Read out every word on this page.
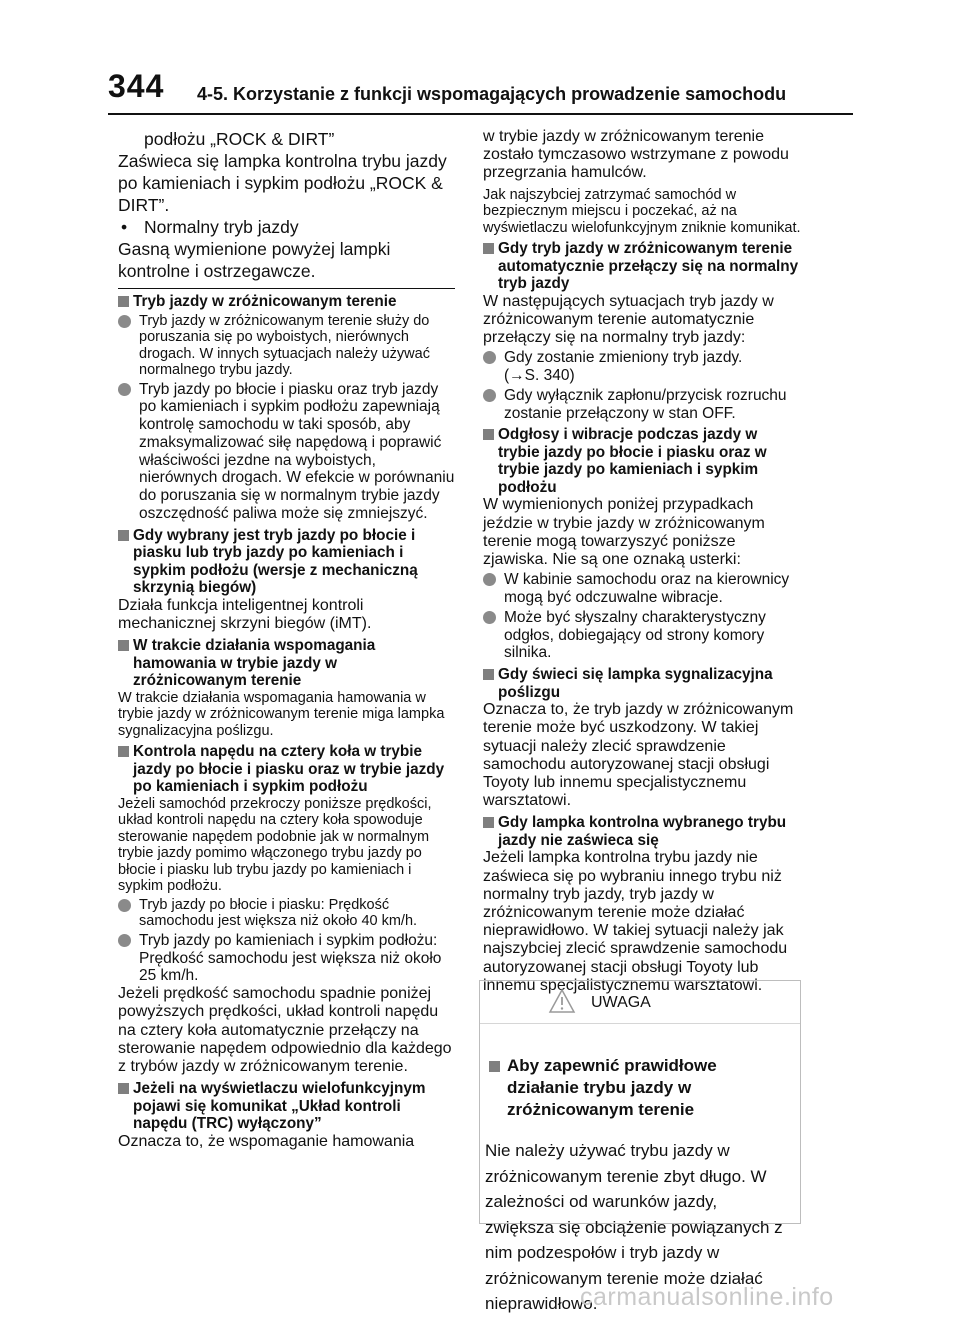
344 4-5. Korzystanie z funkcji wspomagających prowadzenie samochodu

podłożu „ROCK & DIRT”

Zaświeca się lampka kontrolna trybu jazdy po kamieniach i sypkim podłożu „ROCK & DIRT”.

• Normalny tryb jazdy

Gasną wymienione powyżej lampki kontrolne i ostrzegawcze.

Tryb jazdy w zróżnicowanym terenie

Tryb jazdy w zróżnicowanym terenie służy do poruszania się po wyboistych, nierównych drogach. W innych sytuacjach należy używać normalnego trybu jazdy.

Tryb jazdy po błocie i piasku oraz tryb jazdy po kamieniach i sypkim podłożu zapewniają kontrolę samochodu w taki sposób, aby zmaksymalizować siłę napędową i poprawić właściwości jezdne na wyboistych, nierównych drogach. W efekcie w porównaniu do poruszania się w normalnym trybie jazdy oszczędność paliwa może się zmniejszyć.

Gdy wybrany jest tryb jazdy po błocie i piasku lub tryb jazdy po kamieniach i sypkim podłożu (wersje z mechaniczną skrzynią biegów)

Działa funkcja inteligentnej kontroli mechanicznej skrzyni biegów (iMT).

W trakcie działania wspomagania hamowania w trybie jazdy w zróżnicowanym terenie

W trakcie działania wspomagania hamowania w trybie jazdy w zróżnicowanym terenie miga lampka sygnalizacyjna poślizgu.

Kontrola napędu na cztery koła w trybie jazdy po błocie i piasku oraz w trybie jazdy po kamieniach i sypkim podłożu

Jeżeli samochód przekroczy poniższe prędkości, układ kontroli napędu na cztery koła spowoduje sterowanie napędem podobnie jak w normalnym trybie jazdy pomimo włączonego trybu jazdy po błocie i piasku lub trybu jazdy po kamieniach i sypkim podłożu.

Tryb jazdy po błocie i piasku: Prędkość samochodu jest większa niż około 40 km/h.

Tryb jazdy po kamieniach i sypkim podłożu: Prędkość samochodu jest większa niż około 25 km/h.

Jeżeli prędkość samochodu spadnie poniżej powyższych prędkości, układ kontroli napędu na cztery koła automatycznie przełączy na sterowanie napędem odpowiednio dla każdego z trybów jazdy w zróżnicowanym terenie.

Jeżeli na wyświetlaczu wielofunkcyjnym pojawi się komunikat „Układ kontroli napędu (TRC) wyłączony”

Oznacza to, że wspomaganie hamowania

w trybie jazdy w zróżnicowanym terenie zostało tymczasowo wstrzymane z powodu przegrzania hamulców.

Jak najszybciej zatrzymać samochód w bezpiecznym miejscu i poczekać, aż na wyświetlaczu wielofunkcyjnym zniknie komunikat.

Gdy tryb jazdy w zróżnicowanym terenie automatycznie przełączy się na normalny tryb jazdy

W następujących sytuacjach tryb jazdy w zróżnicowanym terenie automatycznie przełączy się na normalny tryb jazdy:

Gdy zostanie zmieniony tryb jazdy.
(→S. 340)

Gdy wyłącznik zapłonu/przycisk rozruchu zostanie przełączony w stan OFF.

Odgłosy i wibracje podczas jazdy w trybie jazdy po błocie i piasku oraz w trybie jazdy po kamieniach i sypkim podłożu

W wymienionych poniżej przypadkach jeździe w trybie jazdy w zróżnicowanym terenie mogą towarzyszyć poniższe zjawiska. Nie są one oznaką usterki:

W kabinie samochodu oraz na kierownicy mogą być odczuwalne wibracje.

Może być słyszalny charakterystyczny odgłos, dobiegający od strony komory silnika.

Gdy świeci się lampka sygnalizacyjna poślizgu

Oznacza to, że tryb jazdy w zróżnicowanym terenie może być uszkodzony. W takiej sytuacji należy zlecić sprawdzenie samochodu autoryzowanej stacji obsługi Toyoty lub innemu specjalistycznemu warsztatowi.

Gdy lampka kontrolna wybranego trybu jazdy nie zaświeca się

Jeżeli lampka kontrolna trybu jazdy nie zaświeca się po wybraniu innego trybu niż normalny tryb jazdy, tryb jazdy w zróżnicowanym terenie może działać nieprawidłowo. W takiej sytuacji należy jak najszybciej zlecić sprawdzenie samochodu autoryzowanej stacji obsługi Toyoty lub innemu specjalistycznemu warsztatowi.

UWAGA

Aby zapewnić prawidłowe działanie trybu jazdy w zróżnicowanym terenie

Nie należy używać trybu jazdy w zróżnicowanym terenie zbyt długo. W zależności od warunków jazdy, zwiększa się obciążenie powiązanych z nim podzespołów i tryb jazdy w zróżnicowanym terenie może działać nieprawidłowo.

carmanualsonline.info
